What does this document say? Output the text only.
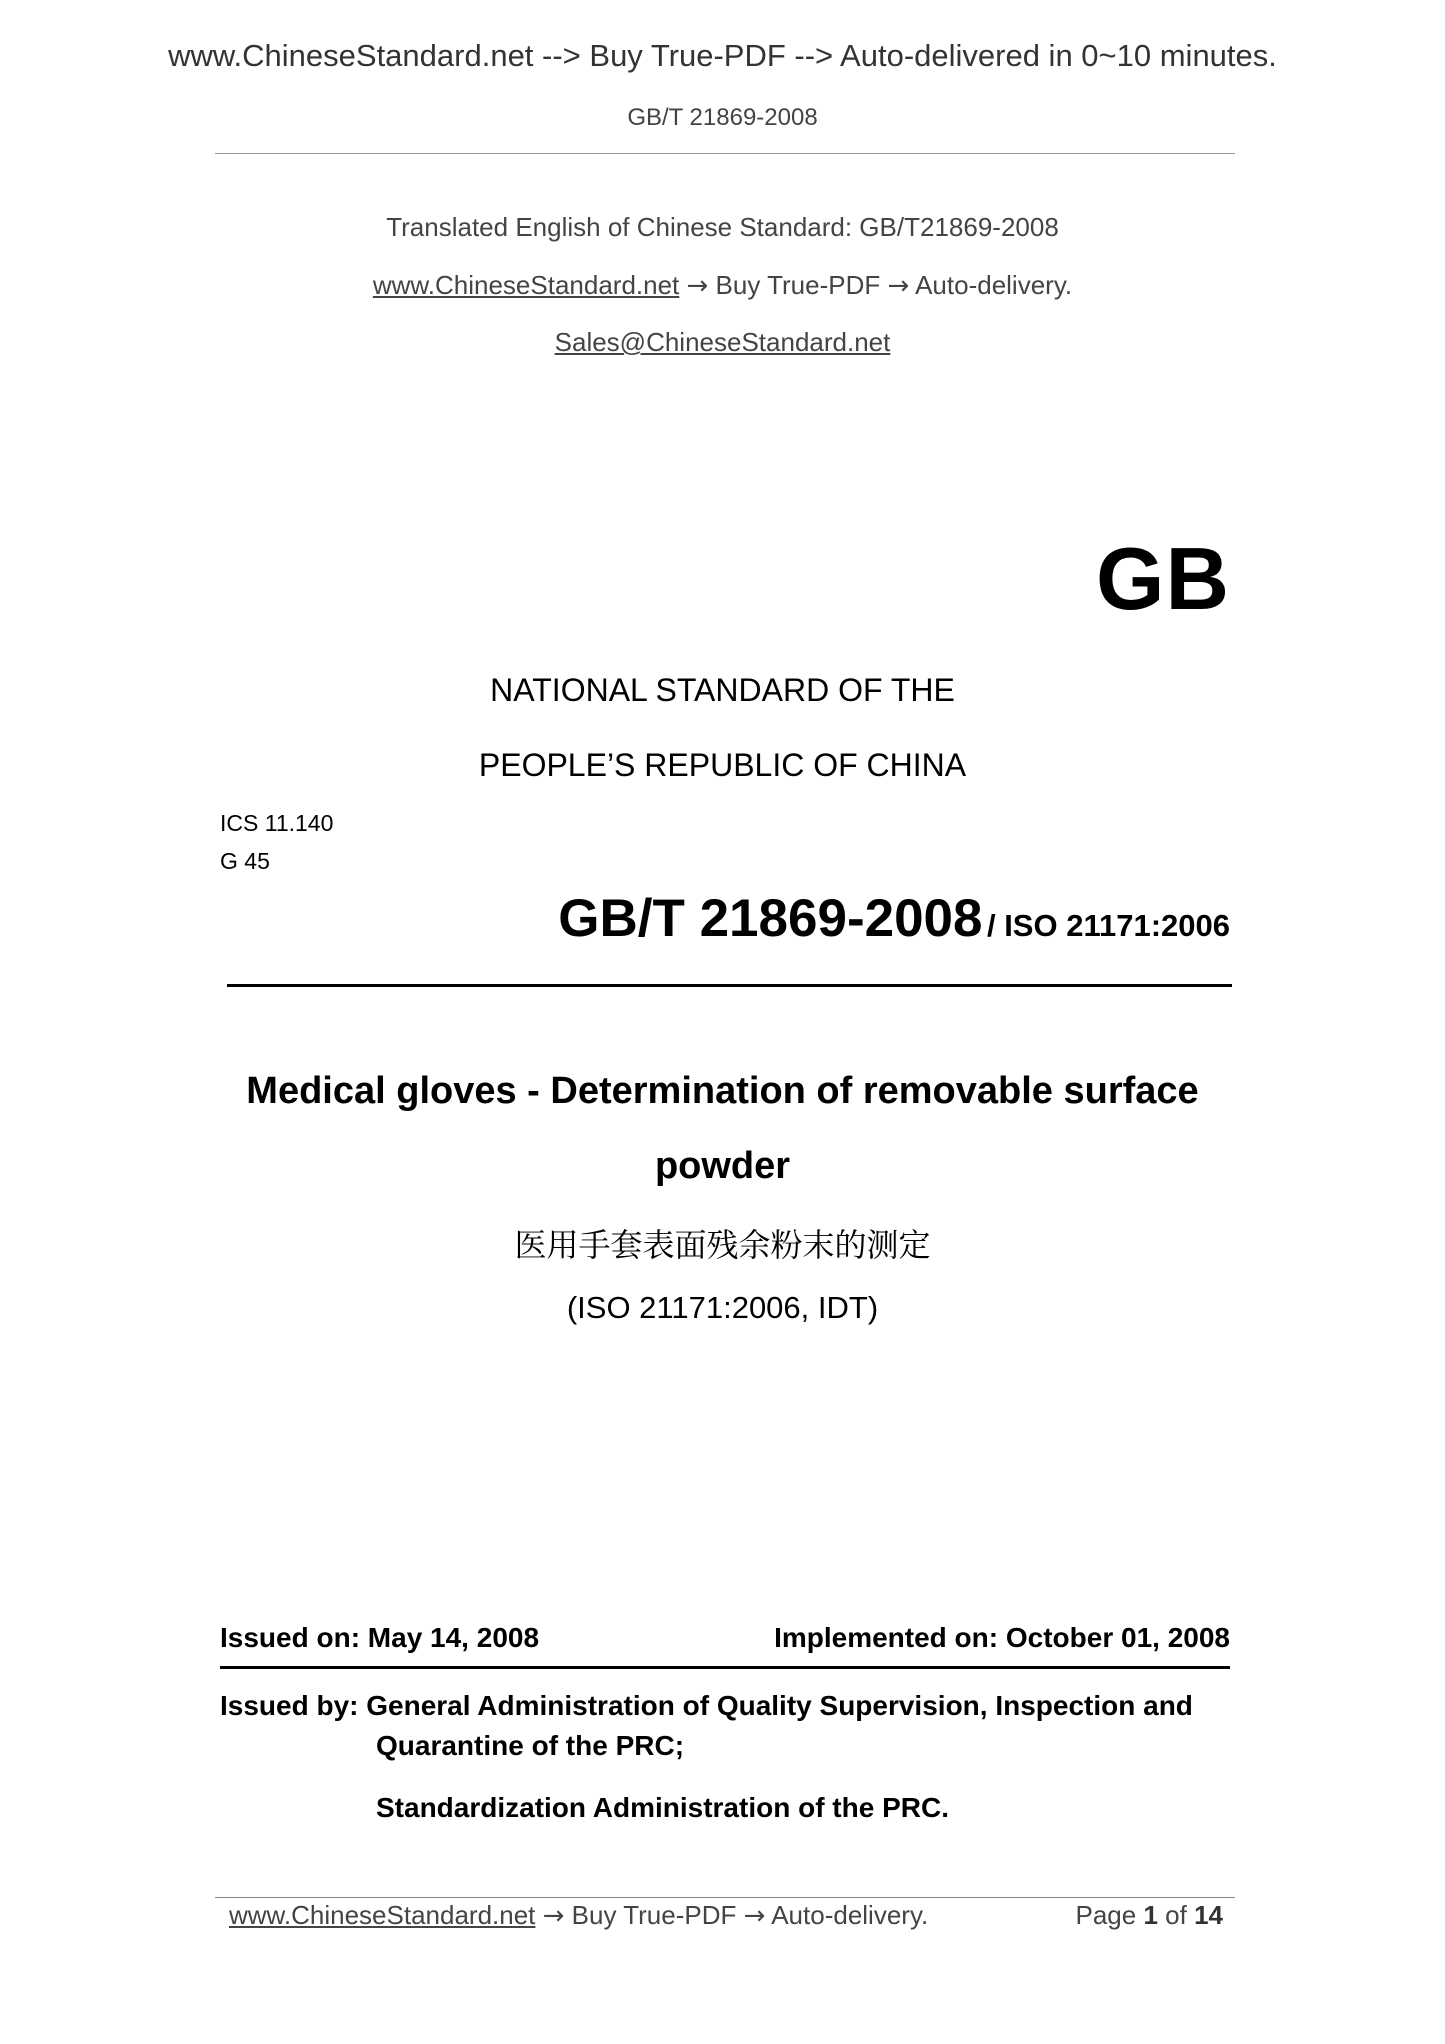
www.ChineseStandard.net --> Buy True-PDF --> Auto-delivered in 0~10 minutes.
GB/T 21869-2008
Translated English of Chinese Standard: GB/T21869-2008
www.ChineseStandard.net → Buy True-PDF → Auto-delivery.
Sales@ChineseStandard.net
GB
NATIONAL STANDARD OF THE
PEOPLE’S REPUBLIC OF CHINA
ICS 11.140
G 45
GB/T 21869-2008 / ISO 21171:2006
Medical gloves - Determination of removable surface
powder
医用手套表面残余粉末的测定
(ISO 21171:2006, IDT)
Issued on: May 14, 2008	Implemented on: October 01, 2008
Issued by: General Administration of Quality Supervision, Inspection and
Quarantine of the PRC;
Standardization Administration of the PRC.
www.ChineseStandard.net → Buy True-PDF → Auto-delivery.	Page 1 of 14
